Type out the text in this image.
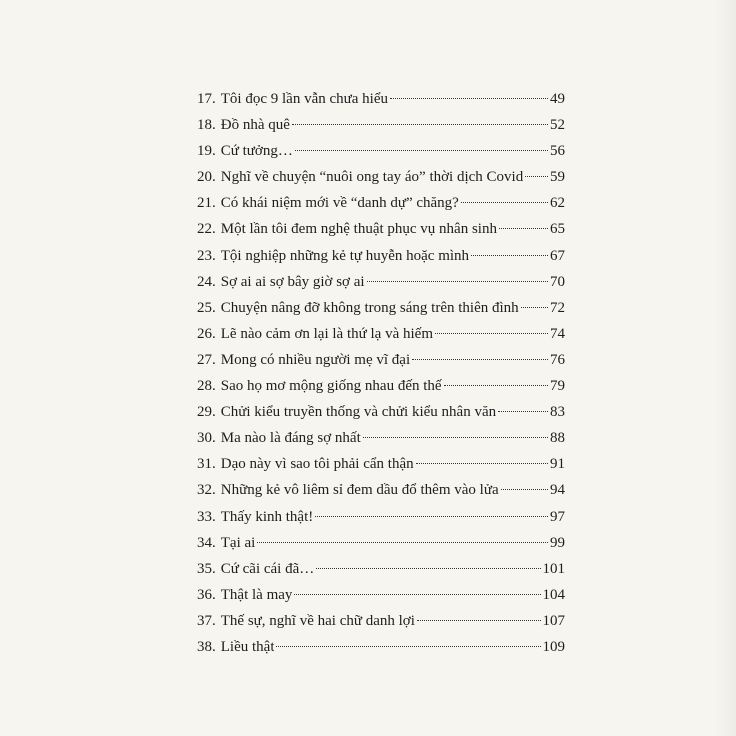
17. Tôi đọc 9 lần vẫn chưa hiểu	49
18. Đồ nhà quê	52
19. Cứ tưởng…	56
20. Nghĩ về chuyện “nuôi ong tay áo” thời dịch Covid 59
21. Có khái niệm mới về “danh dự” chăng?	62
22. Một lần tôi đem nghệ thuật phục vụ nhân sinh	65
23. Tội nghiệp những kẻ tự huyễn hoặc mình	67
24. Sợ ai ai sợ bây giờ sợ ai	70
25. Chuyện nâng đỡ không trong sáng trên thiên đình 72
26. Lẽ nào cảm ơn lại là thứ lạ và hiếm	74
27. Mong có nhiều người mẹ vĩ đại	76
28. Sao họ mơ mộng giống nhau đến thế	79
29. Chửi kiểu truyền thống và chửi kiểu nhân văn	83
30. Ma nào là đáng sợ nhất	88
31. Dạo này vì sao tôi phải cẩn thận	91
32. Những kẻ vô liêm sỉ đem dầu đổ thêm vào lửa	94
33. Thấy kinh thật!	97
34. Tại ai	99
35. Cứ cãi cái đã…	101
36. Thật là may	104
37. Thế sự, nghĩ về hai chữ danh lợi	107
38. Liều thật	109
